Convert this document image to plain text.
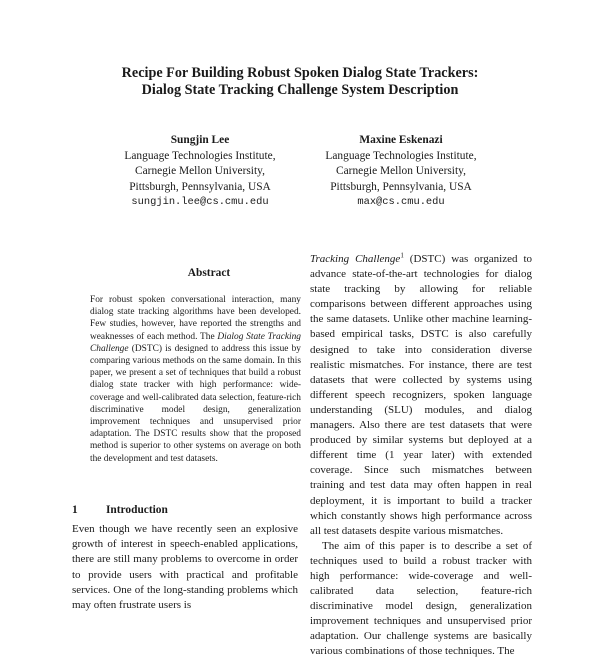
Recipe For Building Robust Spoken Dialog State Trackers:
Dialog State Tracking Challenge System Description
Sungjin Lee
Language Technologies Institute,
Carnegie Mellon University,
Pittsburgh, Pennsylvania, USA
sungjin.lee@cs.cmu.edu
Maxine Eskenazi
Language Technologies Institute,
Carnegie Mellon University,
Pittsburgh, Pennsylvania, USA
max@cs.cmu.edu
Abstract
For robust spoken conversational interaction, many dialog state tracking algorithms have been developed. Few studies, however, have reported the strengths and weaknesses of each method. The Dialog State Tracking Challenge (DSTC) is designed to address this issue by comparing various methods on the same domain. In this paper, we present a set of techniques that build a robust dialog state tracker with high performance: wide-coverage and well-calibrated data selection, feature-rich discriminative model design, generalization improvement techniques and unsupervised prior adaptation. The DSTC results show that the proposed method is superior to other systems on average on both the development and test datasets.
1 Introduction
Even though we have recently seen an explosive growth of interest in speech-enabled applications, there are still many problems to overcome in order to provide users with practical and profitable services. One of the long-standing problems which may often frustrate users is

Tracking Challenge$^1$ (DSTC) was organized to advance state-of-the-art technologies for dialog state tracking by allowing for reliable comparisons between different approaches using the same datasets. Unlike other machine learning-based empirical tasks, DSTC is also carefully designed to take into consideration diverse realistic mismatches. For instance, there are test datasets that were collected by systems using different speech recognizers, spoken language understanding (SLU) modules, and dialog managers. Also there are test datasets that were produced by similar systems but deployed at a different time (1 year later) with extended coverage. Since such mismatches between training and test data may often happen in real deployment, it is important to build a tracker which constantly shows high performance across all test datasets despite various mismatches.

The aim of this paper is to describe a set of techniques used to build a robust tracker with high performance: wide-coverage and well-calibrated data selection, feature-rich discriminative model design, generalization improvement techniques and unsupervised prior adaptation. Our challenge systems are basically various combinations of those techniques. The
